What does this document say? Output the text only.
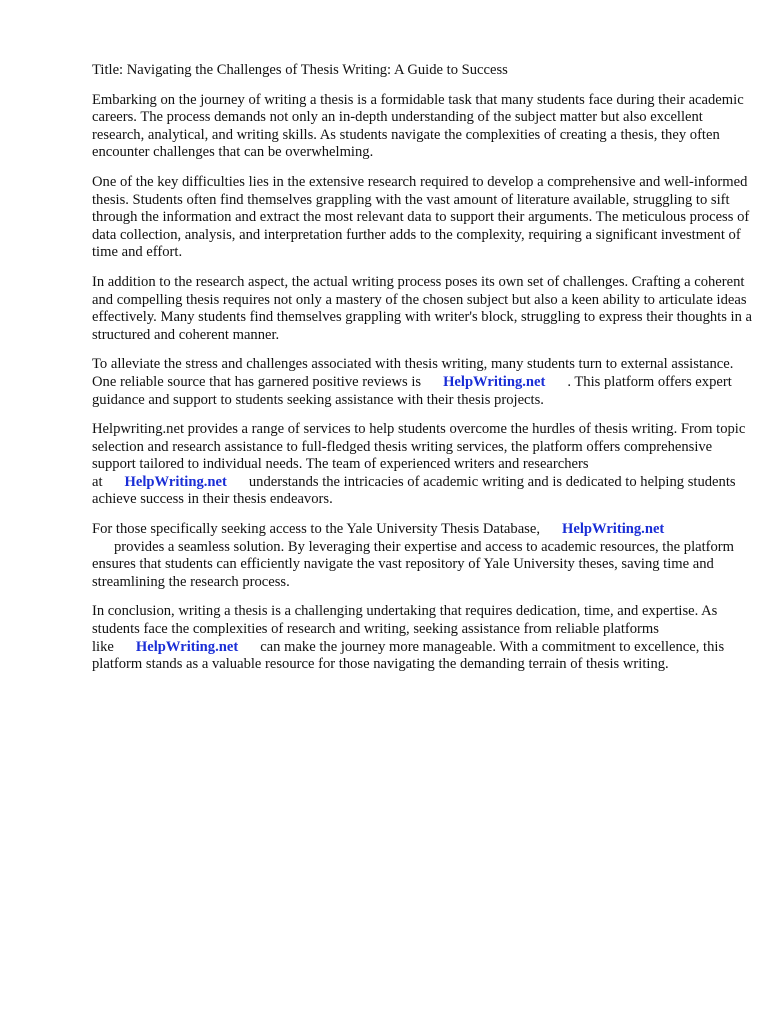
Title: Navigating the Challenges of Thesis Writing: A Guide to Success

Embarking on the journey of writing a thesis is a formidable task that many students face during their academic careers. The process demands not only an in-depth understanding of the subject matter but also excellent research, analytical, and writing skills. As students navigate the complexities of creating a thesis, they often encounter challenges that can be overwhelming.

One of the key difficulties lies in the extensive research required to develop a comprehensive and well-informed thesis. Students often find themselves grappling with the vast amount of literature available, struggling to sift through the information and extract the most relevant data to support their arguments. The meticulous process of data collection, analysis, and interpretation further adds to the complexity, requiring a significant investment of time and effort.

In addition to the research aspect, the actual writing process poses its own set of challenges. Crafting a coherent and compelling thesis requires not only a mastery of the chosen subject but also a keen ability to articulate ideas effectively. Many students find themselves grappling with writer's block, struggling to express their thoughts in a structured and coherent manner.

To alleviate the stress and challenges associated with thesis writing, many students turn to external assistance. One reliable source that has garnered positive reviews is HelpWriting.net . This platform offers expert guidance and support to students seeking assistance with their thesis projects.

Helpwriting.net provides a range of services to help students overcome the hurdles of thesis writing. From topic selection and research assistance to full-fledged thesis writing services, the platform offers comprehensive support tailored to individual needs. The team of experienced writers and researchers at HelpWriting.net understands the intricacies of academic writing and is dedicated to helping students achieve success in their thesis endeavors.

For those specifically seeking access to the Yale University Thesis Database, HelpWriting.net
provides a seamless solution. By leveraging their expertise and access to academic resources, the platform ensures that students can efficiently navigate the vast repository of Yale University theses, saving time and streamlining the research process.

In conclusion, writing a thesis is a challenging undertaking that requires dedication, time, and expertise. As students face the complexities of research and writing, seeking assistance from reliable platforms like HelpWriting.net can make the journey more manageable. With a commitment to excellence, this platform stands as a valuable resource for those navigating the demanding terrain of thesis writing.
